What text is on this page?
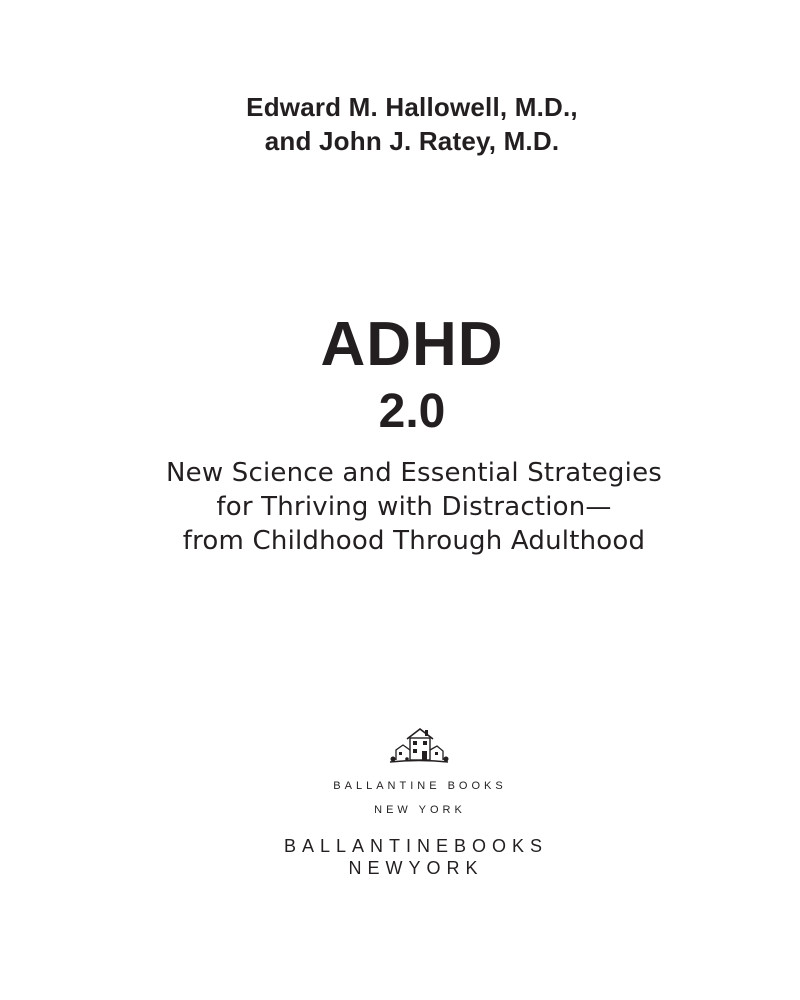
Edward M. Hallowell, M.D.,
and John J. Ratey, M.D.
ADHD
2.0
New Science and Essential Strategies
for Thriving with Distraction—
from Childhood Through Adulthood
BALLANTINE BOOKS
NEW YORK
BALLANTINEBOOKS
NEWYORK
